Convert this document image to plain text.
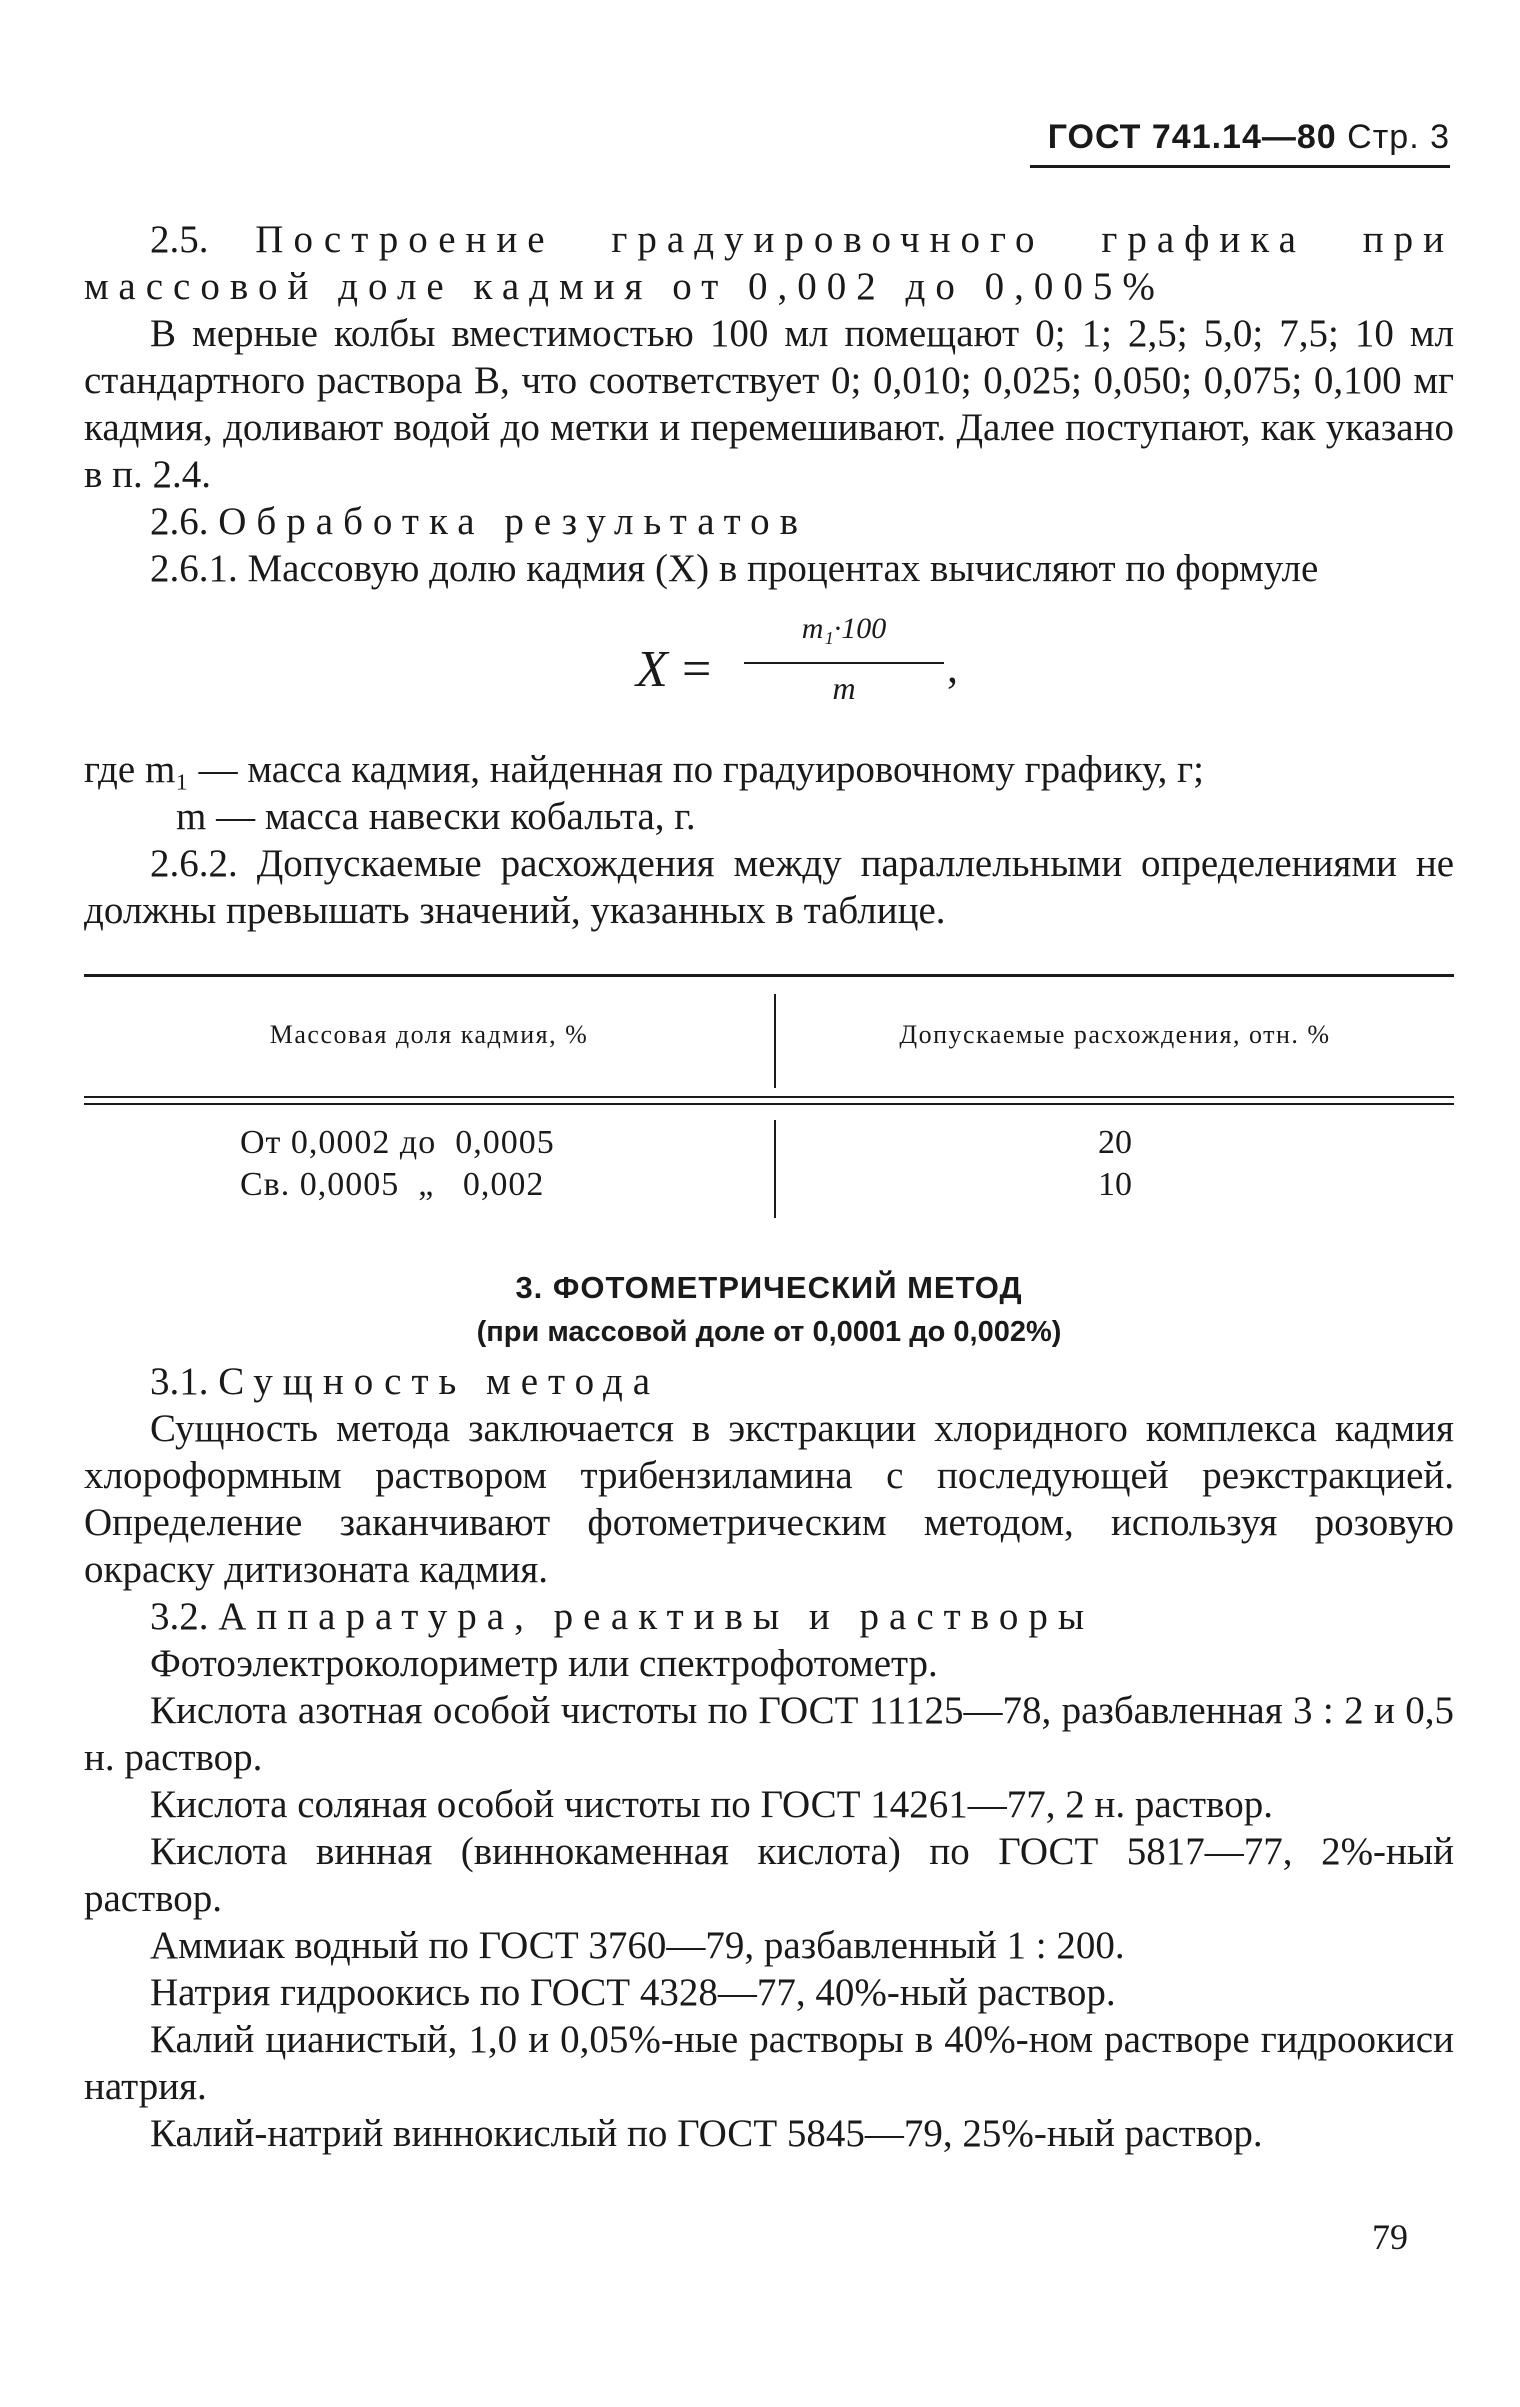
ГОСТ 741.14—80 Стр. 3

2.5. Построение градуировочного графика при массовой доле кадмия от 0,002 до 0,005%

В мерные колбы вместимостью 100 мл помещают 0; 1; 2,5; 5,0; 7,5; 10 мл стандартного раствора В, что соответствует 0; 0,010; 0,025; 0,050; 0,075; 0,100 мг кадмия, доливают водой до метки и перемешивают. Далее поступают, как указано в п. 2.4.

2.6. Обработка результатов

2.6.1. Массовую долю кадмия (X) в процентах вычисляют по формуле

X =
m₁·100
m	,

где m₁ — масса кадмия, найденная по градуировочному графику, г;

m — масса навески кобальта, г.

2.6.2. Допускаемые расхождения между параллельными определениями не должны превышать значений, указанных в таблице.

Массовая доля кадмия, %	Допускаемые расхождения, отн. %
От 0,0002 до  0,0005
Св. 0,0005  „   0,002
20
10
3. ФОТОМЕТРИЧЕСКИЙ МЕТОД
(при массовой доле от 0,0001 до 0,002%)

3.1. Сущность метода

Сущность метода заключается в экстракции хлоридного комплекса кадмия хлороформным раствором трибензиламина с последующей реэкстракцией. Определение заканчивают фотометрическим методом, используя розовую окраску дитизоната кадмия.

3.2. Аппаратура, реактивы и растворы

Фотоэлектроколориметр или спектрофотометр.

Кислота азотная особой чистоты по ГОСТ 11125—78, разбавленная 3 : 2 и 0,5 н. раствор.

Кислота соляная особой чистоты по ГОСТ 14261—77, 2 н. раствор.

Кислота винная (виннокаменная кислота) по ГОСТ 5817—77, 2%-ный раствор.

Аммиак водный по ГОСТ 3760—79, разбавленный 1 : 200.

Натрия гидроокись по ГОСТ 4328—77, 40%-ный раствор.

Калий цианистый, 1,0 и 0,05%-ные растворы в 40%-ном растворе гидроокиси натрия.

Калий-натрий виннокислый по ГОСТ 5845—79, 25%-ный раствор.

79
